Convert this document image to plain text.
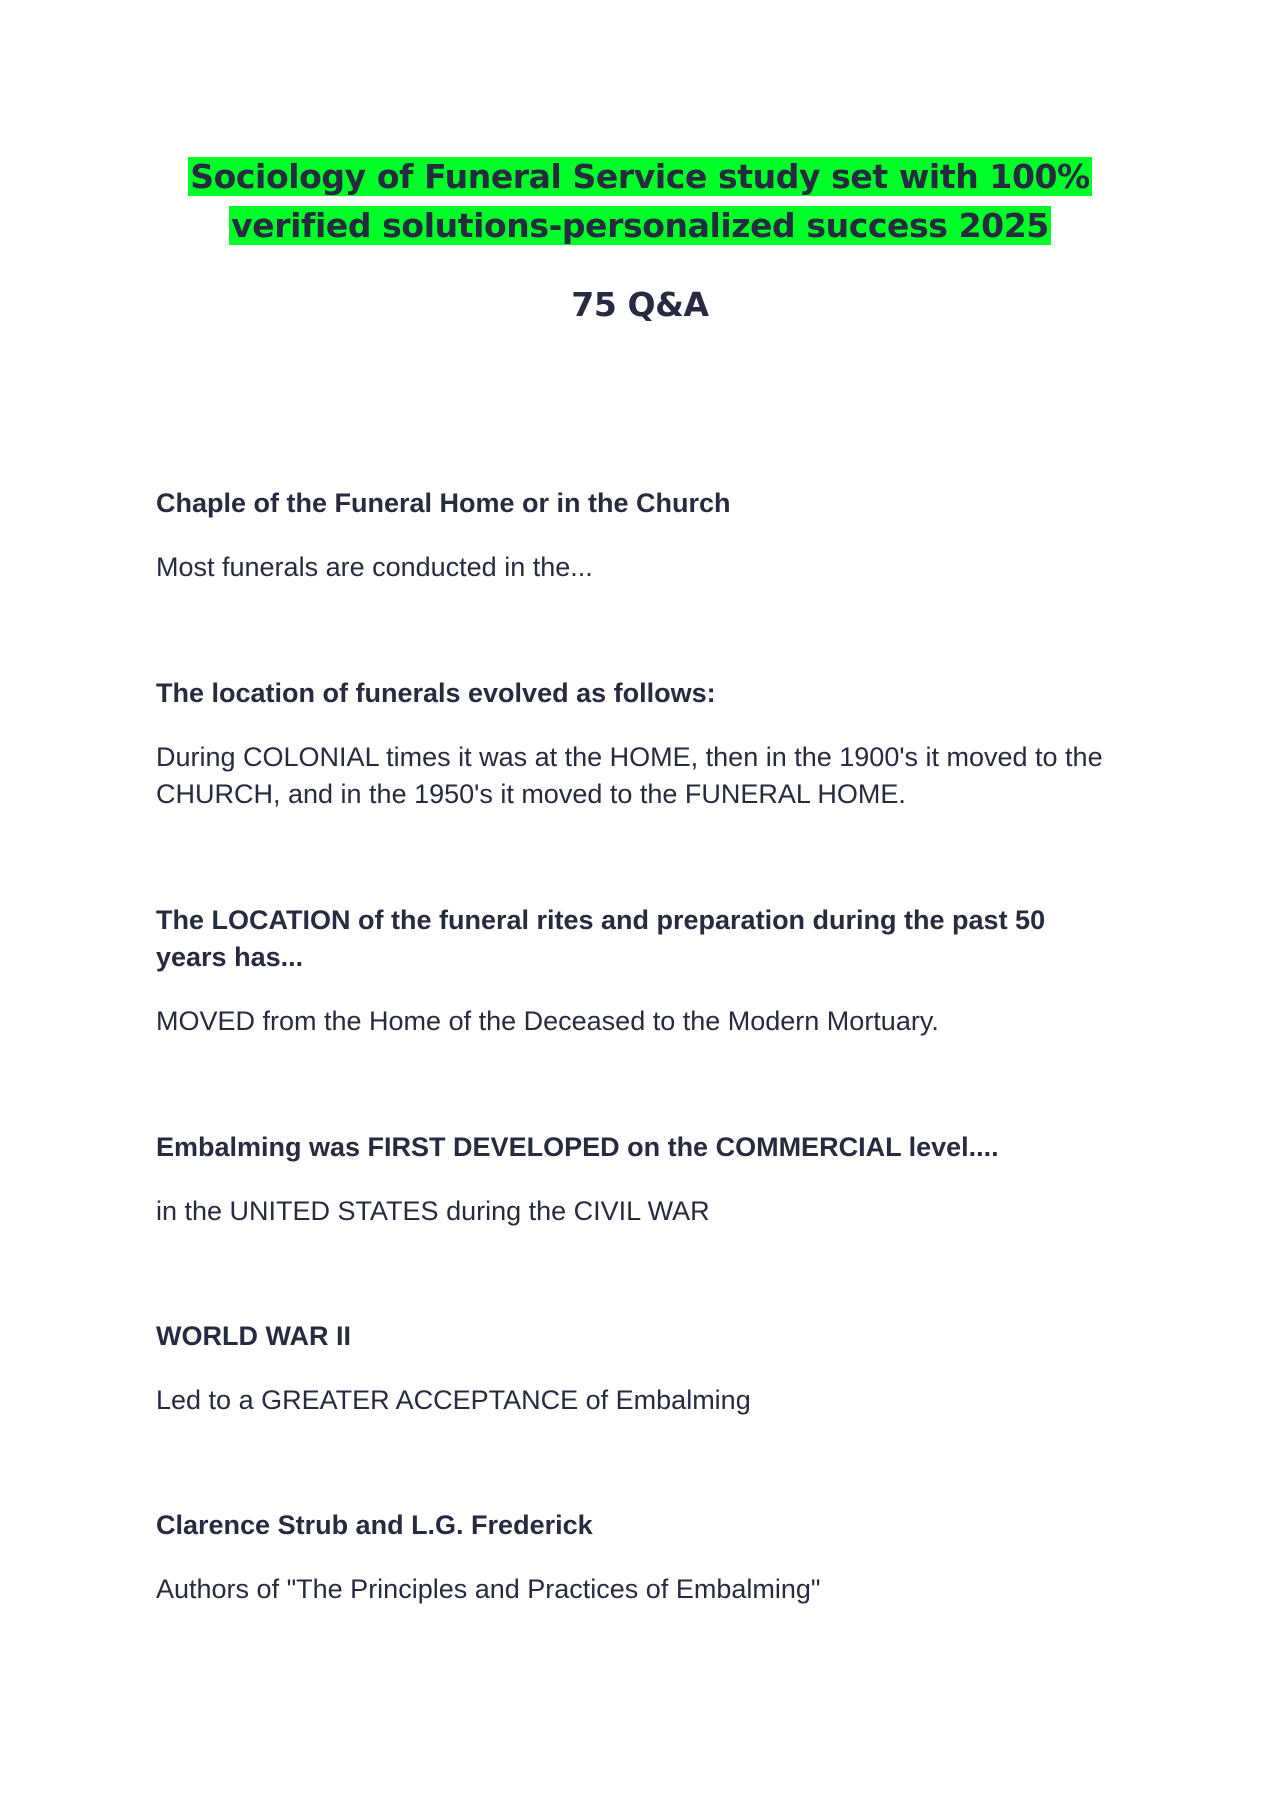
Sociology of Funeral Service study set with 100%
verified solutions-personalized success 2025
75 Q&A

Chaple of the Funeral Home or in the Church

Most funerals are conducted in the...

The location of funerals evolved as follows:

During COLONIAL times it was at the HOME, then in the 1900's it moved to the CHURCH, and in the 1950's it moved to the FUNERAL HOME.

The LOCATION of the funeral rites and preparation during the past 50 years has...

MOVED from the Home of the Deceased to the Modern Mortuary.

Embalming was FIRST DEVELOPED on the COMMERCIAL level....

in the UNITED STATES during the CIVIL WAR

WORLD WAR II

Led to a GREATER ACCEPTANCE of Embalming

Clarence Strub and L.G. Frederick

Authors of "The Principles and Practices of Embalming"
